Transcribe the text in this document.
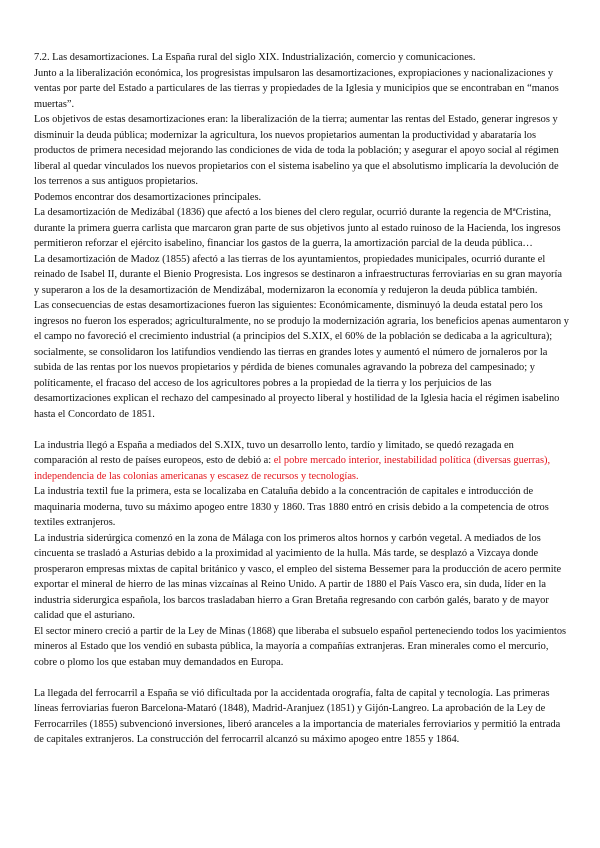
7.2. Las desamortizaciones. La España rural del siglo XIX. Industrialización, comercio y comunicaciones.

Junto a la liberalización económica, los progresistas impulsaron las desamortizaciones, expropiaciones y nacionalizaciones y ventas por parte del Estado a particulares de las tierras y propiedades de la Iglesia y municipios que se encontraban en “manos muertas”.

Los objetivos de estas desamortizaciones eran: la liberalización de la tierra; aumentar las rentas del Estado, generar ingresos y disminuir la deuda pública; modernizar la agricultura, los nuevos propietarios aumentan la productividad y abarataría los productos de primera necesidad mejorando las condiciones de vida de toda la población; y asegurar el apoyo social al régimen liberal al quedar vinculados los nuevos propietarios con el sistema isabelino ya que el absolutismo implicaría la devolución de los terrenos a sus antiguos propietarios.

Podemos encontrar dos desamortizaciones principales.

La desamortización de Medizábal (1836) que afectó a los bienes del clero regular, ocurrió durante la regencia de MªCristina, durante la primera guerra carlista que marcaron gran parte de sus objetivos junto al estado ruinoso de la Hacienda, los ingresos permitieron reforzar el ejército isabelino, financiar los gastos de la guerra, la amortización parcial de la deuda pública…

La desamortización de Madoz (1855) afectó a las tierras de los ayuntamientos, propiedades municipales, ocurrió durante el reinado de Isabel II, durante el Bienio Progresista. Los ingresos se destinaron a infraestructuras ferroviarias en su gran mayoría y superaron a los de la desamortización de Mendizábal, modernizaron la economía y redujeron la deuda pública también.

Las consecuencias de estas desamortizaciones fueron las siguientes: Económicamente, disminuyó la deuda estatal pero los ingresos no fueron los esperados; agriculturalmente, no se produjo la modernización agraria, los beneficios apenas aumentaron y el campo no favoreció el crecimiento industrial (a principios del S.XIX, el 60% de la población se dedicaba a la agricultura); socialmente, se consolidaron los latifundios vendiendo las tierras en grandes lotes y aumentó el número de jornaleros por la subida de las rentas por los nuevos propietarios y pérdida de bienes comunales agravando la pobreza del campesinado; y políticamente, el fracaso del acceso de los agricultores pobres a la propiedad de la tierra y los perjuicios de las desamortizaciones explican el rechazo del campesinado al proyecto liberal y hostilidad de la Iglesia hacia el régimen isabelino hasta el Concordato de 1851.

La industria llegó a España a mediados del S.XIX, tuvo un desarrollo lento, tardío y limitado, se quedó rezagada en comparación al resto de países europeos, esto de debió a: el pobre mercado interior, inestabilidad política (diversas guerras), independencia de las colonias americanas y escasez de recursos y tecnologías.

La industria textil fue la primera, esta se localizaba en Cataluña debido a la concentración de capitales e introducción de maquinaria moderna, tuvo su máximo apogeo entre 1830 y 1860. Tras 1880 entró en crisis debido a la competencia de otros textiles extranjeros.

La industria siderúrgica comenzó en la zona de Málaga con los primeros altos hornos y carbón vegetal. A mediados de los cincuenta se trasladó a Asturias debido a la proximidad al yacimiento de la hulla. Más tarde, se desplazó a Vizcaya donde prosperaron empresas mixtas de capital británico y vasco, el empleo del sistema Bessemer para la producción de acero permite exportar el mineral de hierro de las minas vizcaínas al Reino Unido. A partir de 1880 el País Vasco era, sin duda, líder en la industria siderurgica española, los barcos trasladaban hierro a Gran Bretaña regresando con carbón galés, barato y de mayor calidad que el asturiano.

El sector minero creció a partir de la Ley de Minas (1868) que liberaba el subsuelo español perteneciendo todos los yacimientos mineros al Estado que los vendió en subasta pública, la mayoría a compañías extranjeras. Eran minerales como el mercurio, cobre o plomo los que estaban muy demandados en Europa.

La llegada del ferrocarril a España se vió dificultada por la accidentada orografía, falta de capital y tecnología. Las primeras líneas ferroviarias fueron Barcelona-Mataró (1848), Madrid-Aranjuez (1851) y Gijón-Langreo. La aprobación de la Ley de Ferrocarriles (1855) subvencionó inversiones, liberó aranceles a la importancia de materiales ferroviarios y permitió la entrada de capitales extranjeros. La construcción del ferrocarril alcanzó su máximo apogeo entre 1855 y 1864.
